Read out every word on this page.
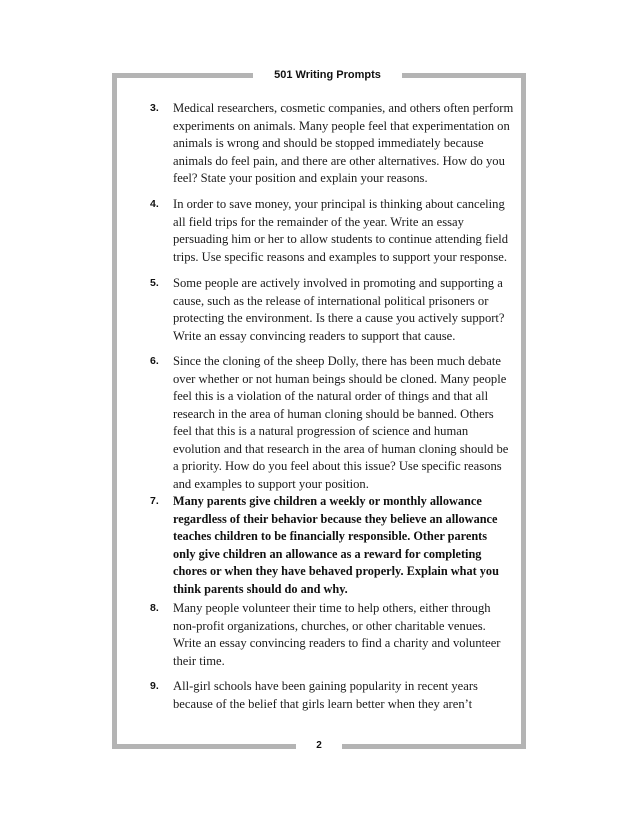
501 Writing Prompts
3. Medical researchers, cosmetic companies, and others often perform
experiments on animals. Many people feel that experimentation on
animals is wrong and should be stopped immediately because
animals do feel pain, and there are other alternatives. How do you
feel? State your position and explain your reasons.
4. In order to save money, your principal is thinking about canceling
all field trips for the remainder of the year. Write an essay
persuading him or her to allow students to continue attending field
trips. Use specific reasons and examples to support your response.
5. Some people are actively involved in promoting and supporting a
cause, such as the release of international political prisoners or
protecting the environment. Is there a cause you actively support?
Write an essay convincing readers to support that cause.
6. Since the cloning of the sheep Dolly, there has been much debate
over whether or not human beings should be cloned. Many people
feel this is a violation of the natural order of things and that all
research in the area of human cloning should be banned. Others
feel that this is a natural progression of science and human
evolution and that research in the area of human cloning should be
a priority. How do you feel about this issue? Use specific reasons
and examples to support your position.
7. Many parents give children a weekly or monthly allowance
regardless of their behavior because they believe an allowance
teaches children to be financially responsible. Other parents
only give children an allowance as a reward for completing
chores or when they have behaved properly. Explain what you
think parents should do and why.
8. Many people volunteer their time to help others, either through
non-profit organizations, churches, or other charitable venues.
Write an essay convincing readers to find a charity and volunteer
their time.
9. All-girl schools have been gaining popularity in recent years
because of the belief that girls learn better when they aren’t
2
